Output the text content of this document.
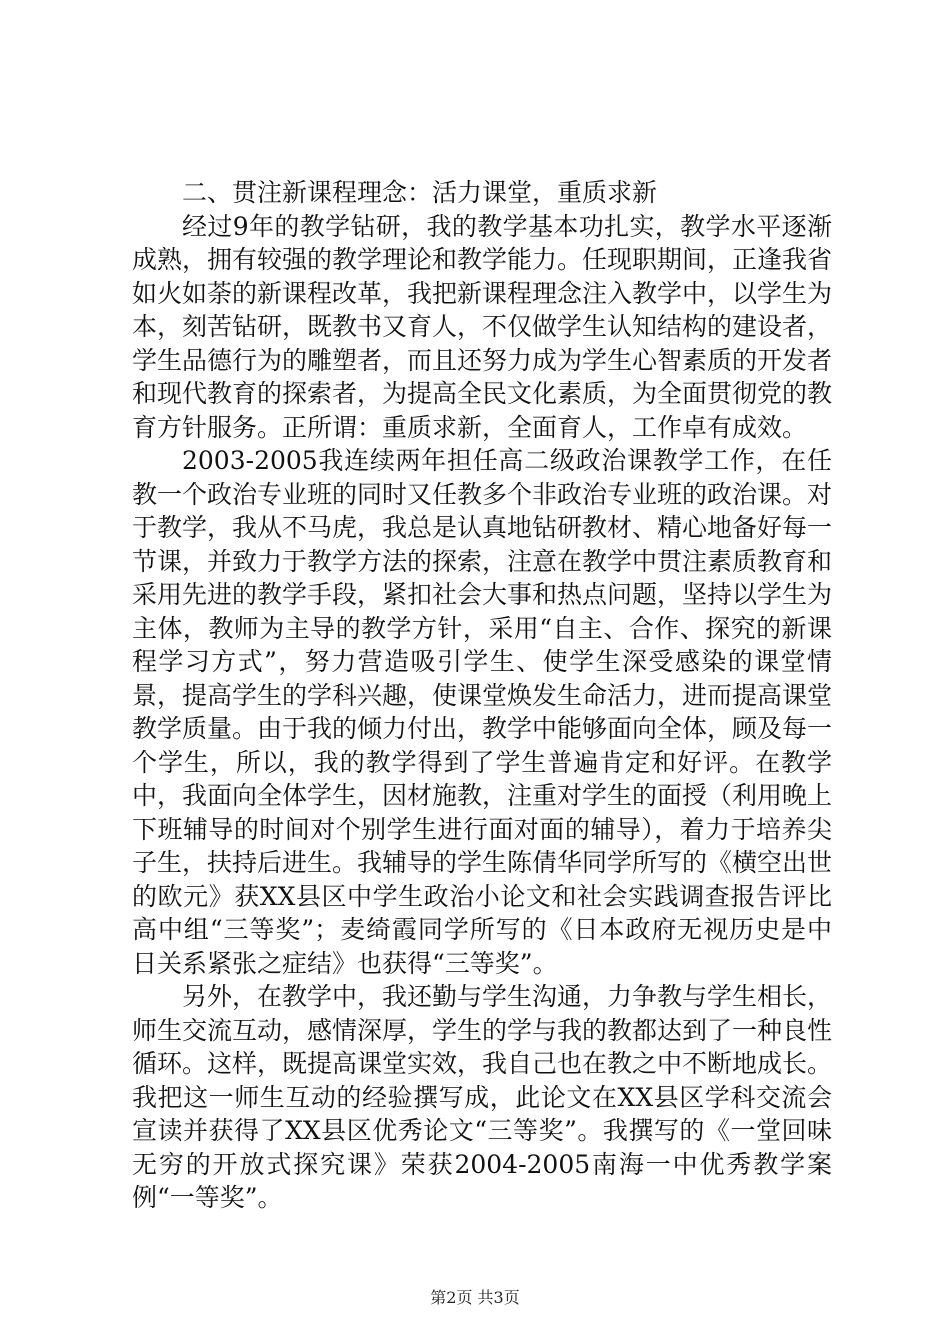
二、贯注新课程理念：活力课堂，重质求新

经过9年的教学钻研，我的教学基本功扎实，教学水平逐渐成熟，拥有较强的教学理论和教学能力。任现职期间，正逢我省如火如荼的新课程改革，我把新课程理念注入教学中，以学生为本，刻苦钻研，既教书又育人，不仅做学生认知结构的建设者，学生品德行为的雕塑者，而且还努力成为学生心智素质的开发者和现代教育的探索者，为提高全民文化素质，为全面贯彻党的教育方针服务。正所谓：重质求新，全面育人，工作卓有成效。

2003-2005我连续两年担任高二级政治课教学工作，在任教一个政治专业班的同时又任教多个非政治专业班的政治课。对于教学，我从不马虎，我总是认真地钻研教材、精心地备好每一节课，并致力于教学方法的探索，注意在教学中贯注素质教育和采用先进的教学手段，紧扣社会大事和热点问题，坚持以学生为主体，教师为主导的教学方针，采用“自主、合作、探究的新课程学习方式”，努力营造吸引学生、使学生深受感染的课堂情景，提高学生的学科兴趣，使课堂焕发生命活力，进而提高课堂教学质量。由于我的倾力付出，教学中能够面向全体，顾及每一个学生，所以，我的教学得到了学生普遍肯定和好评。在教学中，我面向全体学生，因材施教，注重对学生的面授（利用晚上下班辅导的时间对个别学生进行面对面的辅导），着力于培养尖子生，扶持后进生。我辅导的学生陈倩华同学所写的《横空出世的欧元》获XX县区中学生政治小论文和社会实践调查报告评比高中组“三等奖”；麦绮霞同学所写的《日本政府无视历史是中日关系紧张之症结》也获得“三等奖”。

另外，在教学中，我还勤与学生沟通，力争教与学生相长，师生交流互动，感情深厚，学生的学与我的教都达到了一种良性循环。这样，既提高课堂实效，我自己也在教之中不断地成长。我把这一师生互动的经验撰写成，此论文在XX县区学科交流会宣读并获得了XX县区优秀论文“三等奖”。我撰写的《一堂回味无穷的开放式探究课》荣获2004-2005南海一中优秀教学案例“一等奖”。

第2页 共3页
